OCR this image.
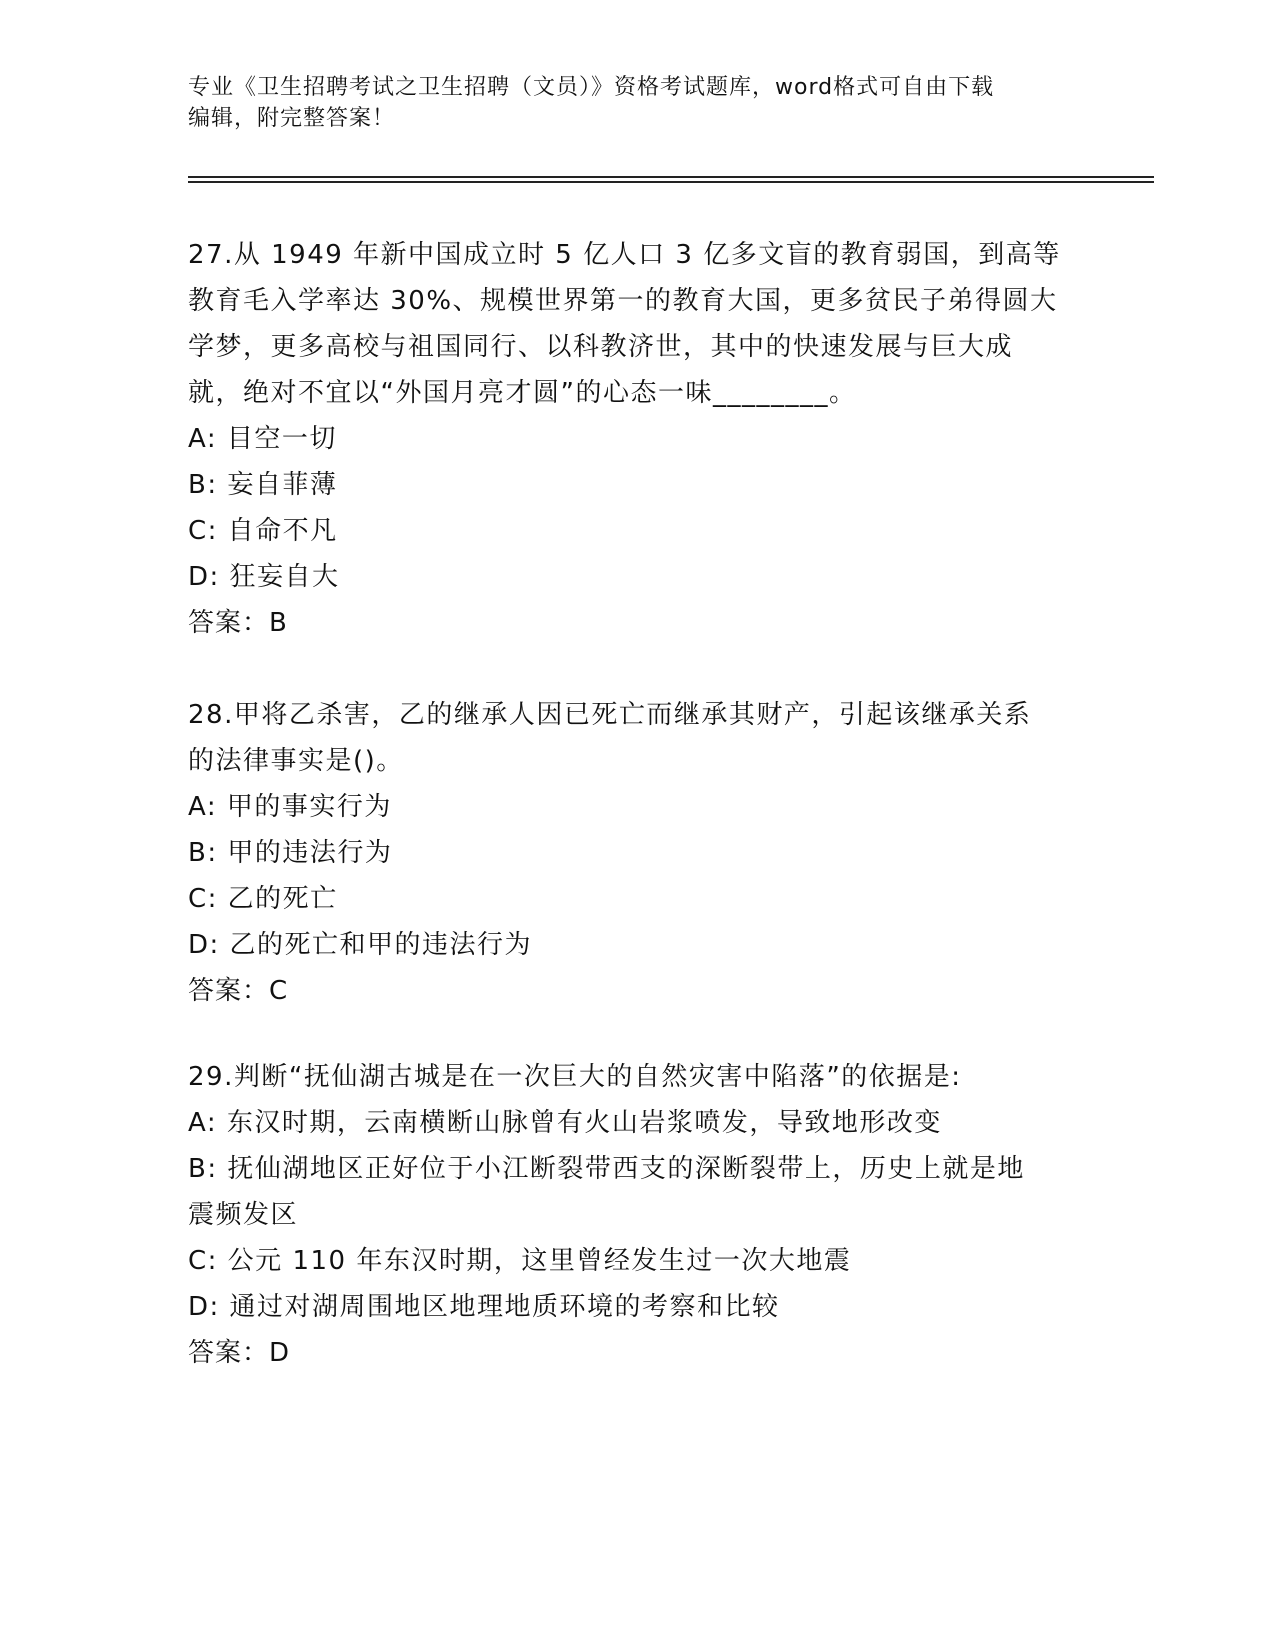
专业《卫生招聘考试之卫生招聘（文员）》资格考试题库，word格式可自由下载
编辑，附完整答案！
27.从 1949 年新中国成立时 5 亿人口 3 亿多文盲的教育弱国，到高等
教育毛入学率达 30%、规模世界第一的教育大国，更多贫民子弟得圆大
学梦，更多高校与祖国同行、以科教济世，其中的快速发展与巨大成
就，绝对不宜以“外国月亮才圆”的心态一味________。
A: 目空一切
B: 妄自菲薄
C: 自命不凡
D: 狂妄自大
答案：B
28.甲将乙杀害，乙的继承人因已死亡而继承其财产，引起该继承关系
的法律事实是()。
A: 甲的事实行为
B: 甲的违法行为
C: 乙的死亡
D: 乙的死亡和甲的违法行为
答案：C
29.判断“抚仙湖古城是在一次巨大的自然灾害中陷落”的依据是:
A: 东汉时期，云南横断山脉曾有火山岩浆喷发，导致地形改变
B: 抚仙湖地区正好位于小江断裂带西支的深断裂带上，历史上就是地
震频发区
C: 公元 110 年东汉时期，这里曾经发生过一次大地震
D: 通过对湖周围地区地理地质环境的考察和比较
答案：D
